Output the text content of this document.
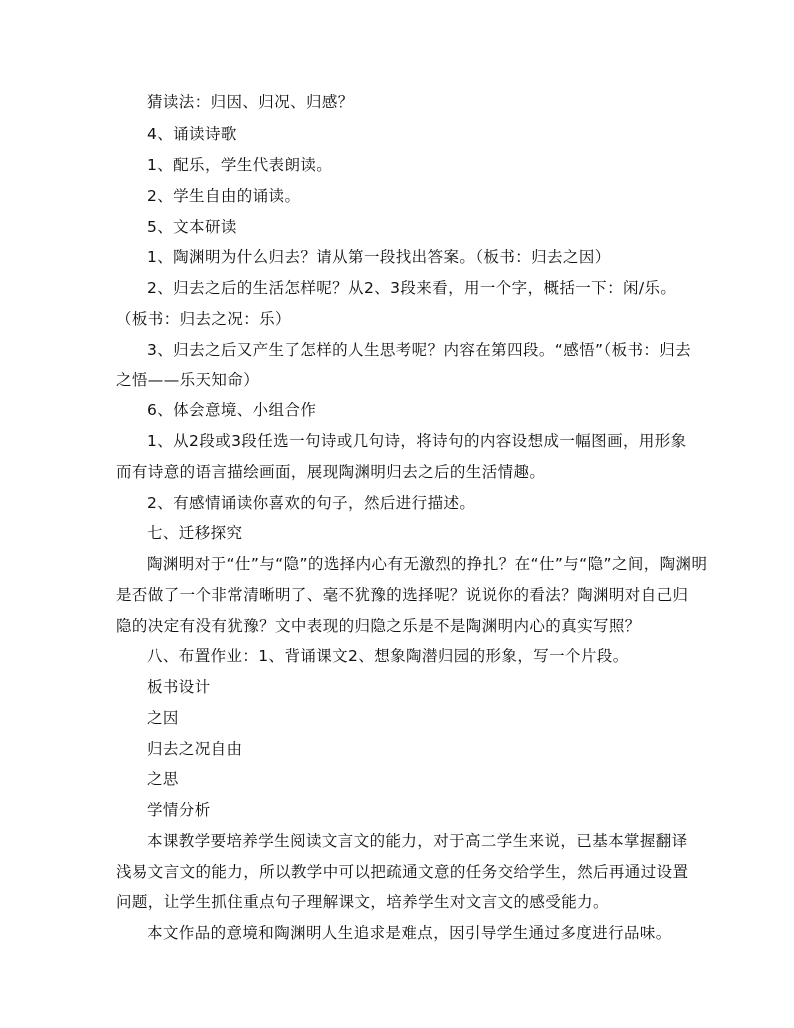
猜读法：归因、归况、归感？
4、诵读诗歌
1、配乐，学生代表朗读。
2、学生自由的诵读。
5、文本研读
1、陶渊明为什么归去？请从第一段找出答案。（板书：归去之因）
2、归去之后的生活怎样呢？从2、3段来看，用一个字，概括一下：闲/乐。
（板书：归去之况：乐）
3、归去之后又产生了怎样的人生思考呢？内容在第四段。“感悟”（板书：归去
之悟——乐天知命）
6、体会意境、小组合作
1、从2段或3段任选一句诗或几句诗，将诗句的内容设想成一幅图画，用形象
而有诗意的语言描绘画面，展现陶渊明归去之后的生活情趣。
2、有感情诵读你喜欢的句子，然后进行描述。
七、迁移探究
陶渊明对于“仕”与“隐”的选择内心有无激烈的挣扎？在“仕”与“隐”之间，陶渊明
是否做了一个非常清晰明了、毫不犹豫的选择呢？说说你的看法？陶渊明对自己归
隐的决定有没有犹豫？文中表现的归隐之乐是不是陶渊明内心的真实写照？
八、布置作业：1、背诵课文2、想象陶潜归园的形象，写一个片段。
板书设计
之因
归去之况自由
之思
学情分析
本课教学要培养学生阅读文言文的能力，对于高二学生来说，已基本掌握翻译
浅易文言文的能力，所以教学中可以把疏通文意的任务交给学生，然后再通过设置
问题，让学生抓住重点句子理解课文，培养学生对文言文的感受能力。
本文作品的意境和陶渊明人生追求是难点，因引导学生通过多度进行品味。
